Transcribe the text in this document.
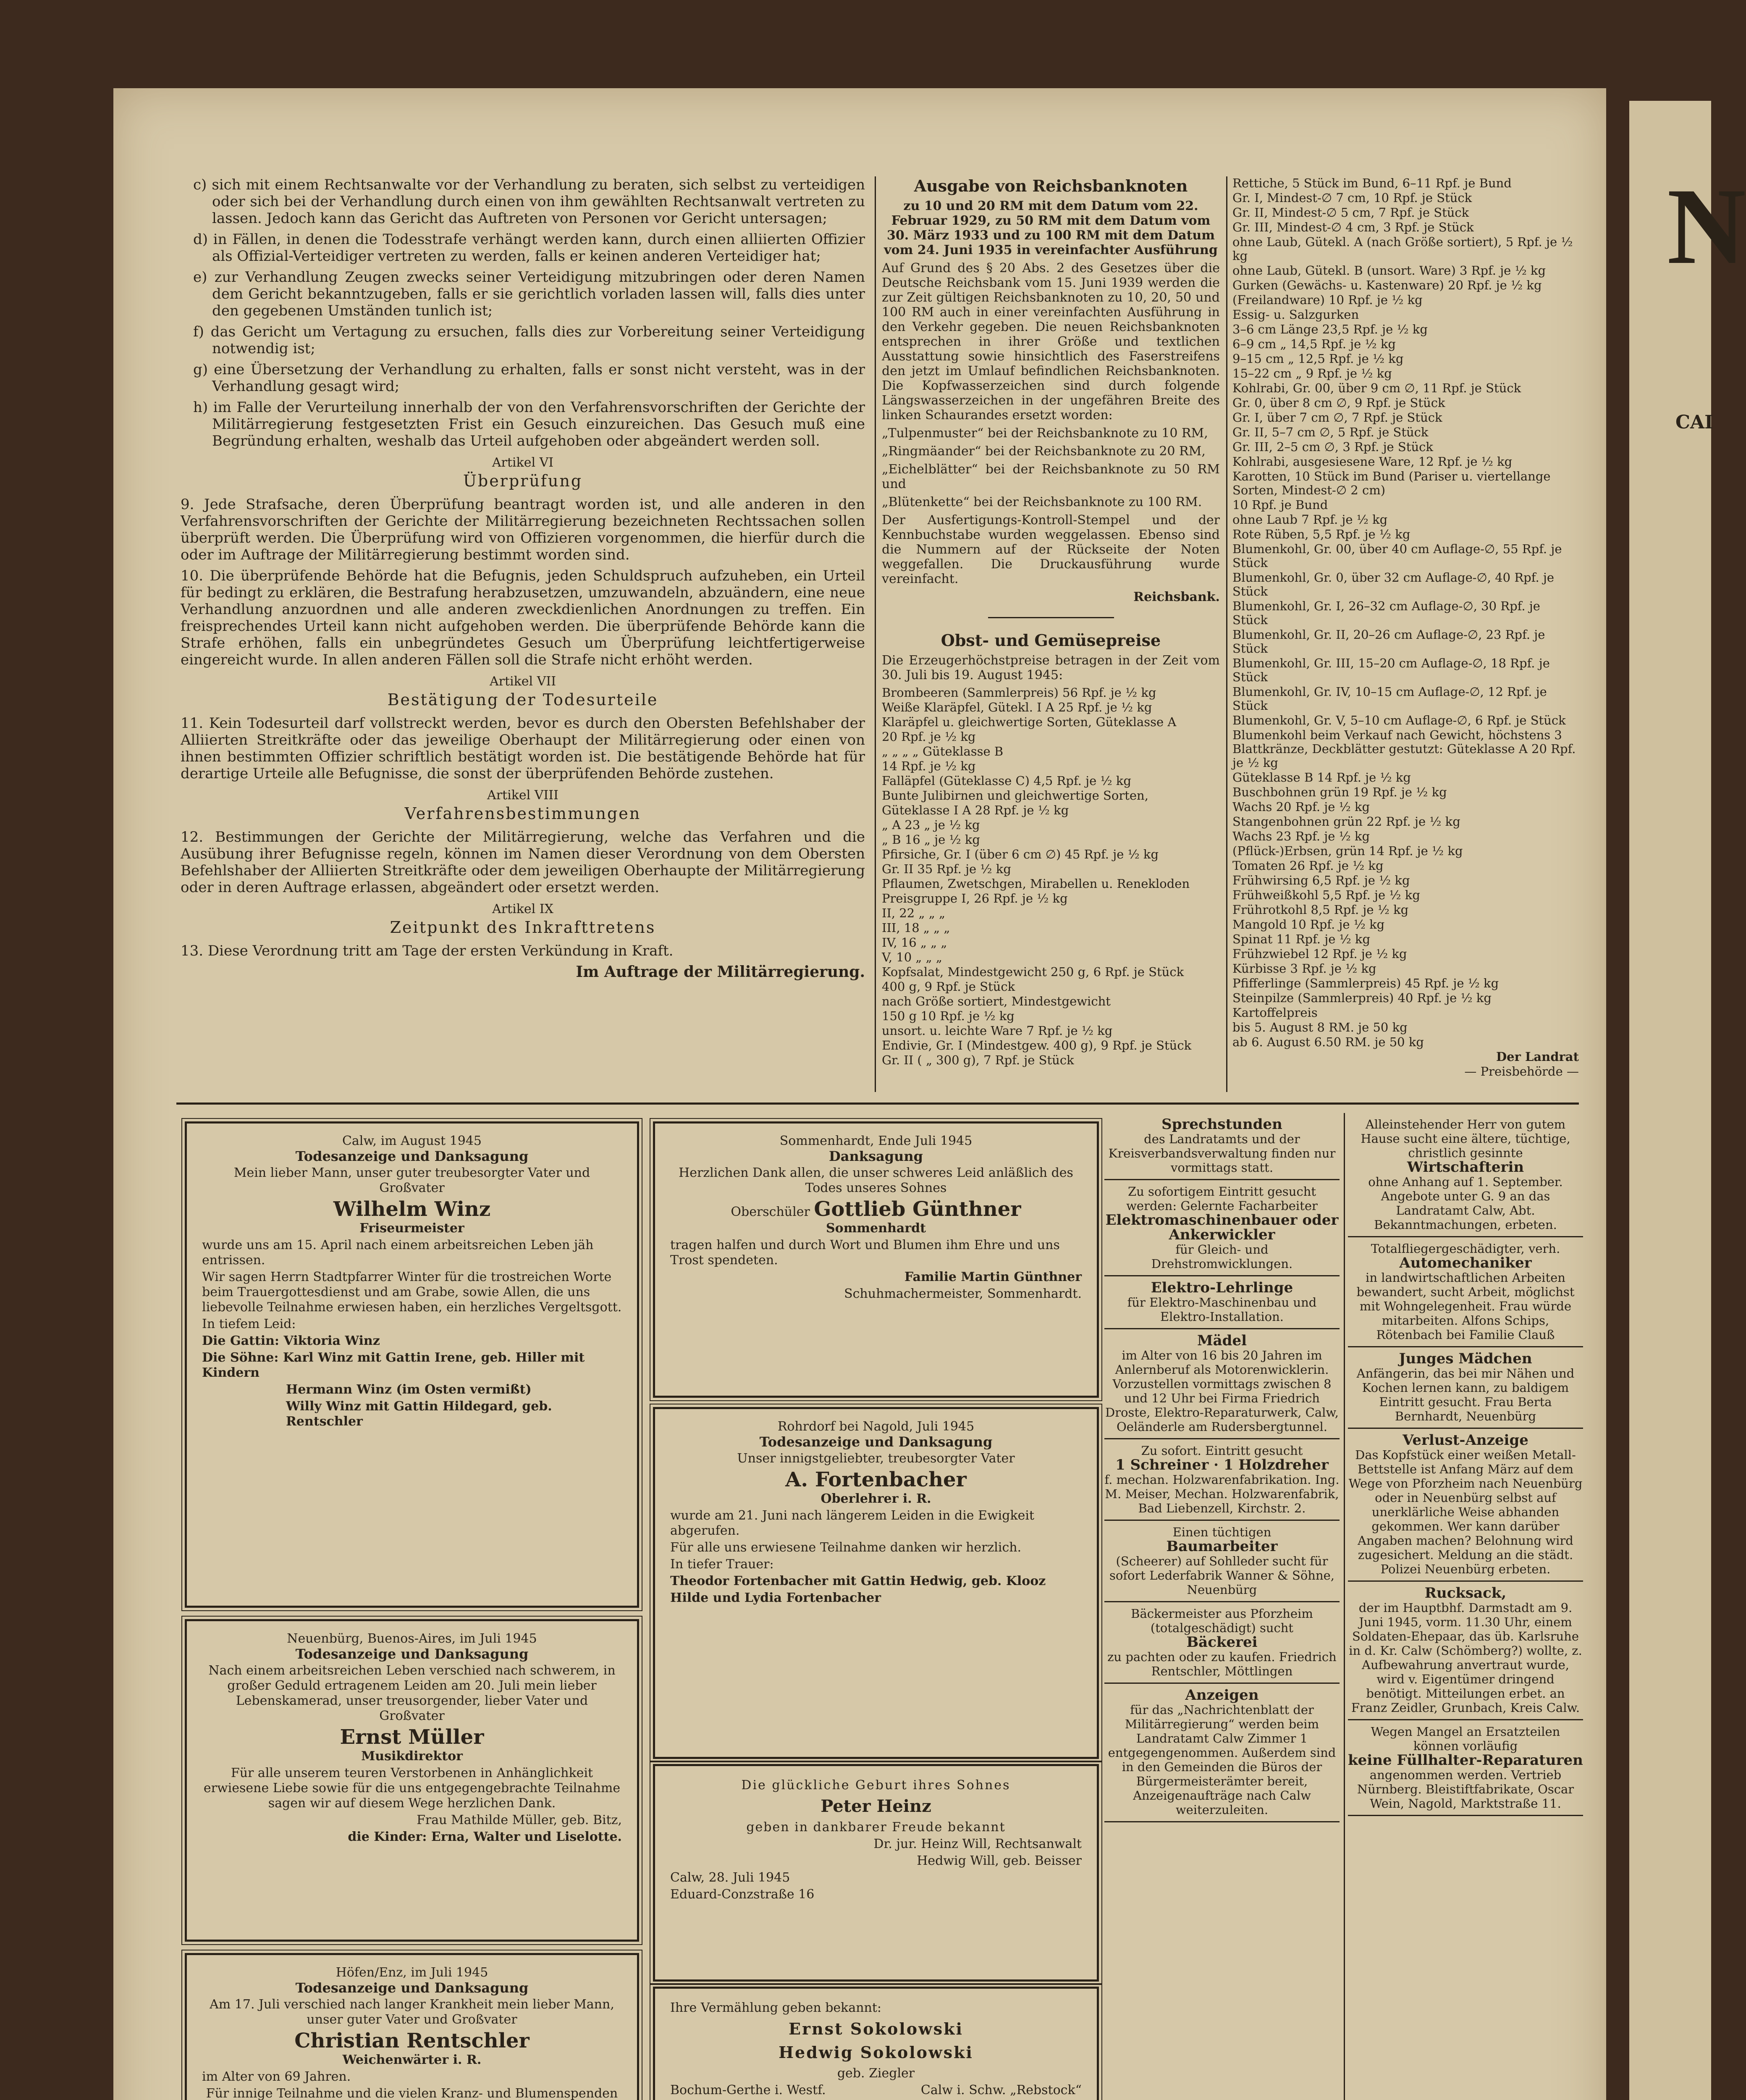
N
CAI

c) sich mit einem Rechtsanwalte vor der Verhandlung zu beraten, sich selbst zu verteidigen oder sich bei der Verhandlung durch einen von ihm gewählten Rechtsanwalt vertreten zu lassen. Jedoch kann das Gericht das Auftreten von Personen vor Gericht untersagen;

d) in Fällen, in denen die Todesstrafe verhängt werden kann, durch einen alliierten Offizier als Offizial-Verteidiger vertreten zu werden, falls er keinen anderen Verteidiger hat;

e) zur Verhandlung Zeugen zwecks seiner Verteidigung mitzubringen oder deren Namen dem Gericht bekanntzugeben, falls er sie gerichtlich vorladen lassen will, falls dies unter den gegebenen Umständen tunlich ist;

f) das Gericht um Vertagung zu ersuchen, falls dies zur Vorbereitung seiner Verteidigung notwendig ist;

g) eine Übersetzung der Verhandlung zu erhalten, falls er sonst nicht versteht, was in der Verhandlung gesagt wird;

h) im Falle der Verurteilung innerhalb der von den Verfahrensvorschriften der Gerichte der Militärregierung festgesetzten Frist ein Gesuch einzureichen. Das Gesuch muß eine Begründung erhalten, weshalb das Urteil aufgehoben oder abgeändert werden soll.

Artikel VI
Überprüfung

9. Jede Strafsache, deren Überprüfung beantragt worden ist, und alle anderen in den Verfahrensvorschriften der Gerichte der Militärregierung bezeichneten Rechtssachen sollen überprüft werden. Die Überprüfung wird von Offizieren vorgenommen, die hierfür durch die oder im Auftrage der Militärregierung bestimmt worden sind.

10. Die überprüfende Behörde hat die Befugnis, jeden Schuldspruch aufzuheben, ein Urteil für bedingt zu erklären, die Bestrafung herabzusetzen, umzuwandeln, abzuändern, eine neue Verhandlung anzuordnen und alle anderen zweckdienlichen Anordnungen zu treffen. Ein freisprechendes Urteil kann nicht aufgehoben werden. Die überprüfende Behörde kann die Strafe erhöhen, falls ein unbegründetes Gesuch um Überprüfung leichtfertigerweise eingereicht wurde. In allen anderen Fällen soll die Strafe nicht erhöht werden.

Artikel VII
Bestätigung der Todesurteile

11. Kein Todesurteil darf vollstreckt werden, bevor es durch den Obersten Befehlshaber der Alliierten Streitkräfte oder das jeweilige Oberhaupt der Militärregierung oder einen von ihnen bestimmten Offizier schriftlich bestätigt worden ist. Die bestätigende Behörde hat für derartige Urteile alle Befugnisse, die sonst der überprüfenden Behörde zustehen.

Artikel VIII
Verfahrensbestimmungen

12. Bestimmungen der Gerichte der Militärregierung, welche das Verfahren und die Ausübung ihrer Befugnisse regeln, können im Namen dieser Verordnung von dem Obersten Befehlshaber der Alliierten Streitkräfte oder dem jeweiligen Oberhaupte der Militärregierung oder in deren Auftrage erlassen, abgeändert oder ersetzt werden.

Artikel IX
Zeitpunkt des Inkrafttretens

13. Diese Verordnung tritt am Tage der ersten Verkündung in Kraft.

Im Auftrage der Militärregierung.

Ausgabe von Reichsbanknoten

zu 10 und 20 RM mit dem Datum vom 22. Februar 1929, zu 50 RM mit dem Datum vom 30. März 1933 und zu 100 RM mit dem Datum vom 24. Juni 1935 in vereinfachter Ausführung

Auf Grund des § 20 Abs. 2 des Gesetzes über die Deutsche Reichsbank vom 15. Juni 1939 werden die zur Zeit gültigen Reichsbanknoten zu 10, 20, 50 und 100 RM auch in einer vereinfachten Ausführung in den Verkehr gegeben. Die neuen Reichsbanknoten entsprechen in ihrer Größe und textlichen Ausstattung sowie hinsichtlich des Faserstreifens den jetzt im Umlauf befindlichen Reichsbanknoten. Die Kopfwasserzeichen sind durch folgende Längswasserzeichen in der ungefähren Breite des linken Schaurandes ersetzt worden:

„Tulpenmuster“ bei der Reichsbanknote zu 10 RM,

„Ringmäander“ bei der Reichsbanknote zu 20 RM,

„Eichelblätter“ bei der Reichsbanknote zu 50 RM und

„Blütenkette“ bei der Reichsbanknote zu 100 RM.

Der Ausfertigungs-Kontroll-Stempel und der Kennbuchstabe wurden weggelassen. Ebenso sind die Nummern auf der Rückseite der Noten weggefallen. Die Druckausführung wurde vereinfacht.

Reichsbank.

Obst- und Gemüsepreise

Die Erzeugerhöchstpreise betragen in der Zeit vom 30. Juli bis 19. August 1945:

Brombeeren (Sammlerpreis) 56 Rpf. je ½ kg
Weiße Klaräpfel, Gütekl. I A 25 Rpf. je ½ kg
Klaräpfel u. gleichwertige Sorten, Güteklasse A
20 Rpf. je ½ kg
„ „ „ „ Güteklasse B
14 Rpf. je ½ kg
Falläpfel (Güteklasse C) 4,5 Rpf. je ½ kg
Bunte Julibirnen und gleichwertige Sorten,
Güteklasse I A 28 Rpf. je ½ kg
„ A 23 „ je ½ kg
„ B 16 „ je ½ kg
Pfirsiche, Gr. I (über 6 cm ∅) 45 Rpf. je ½ kg
Gr. II 35 Rpf. je ½ kg
Pflaumen, Zwetschgen, Mirabellen u. Renekloden
Preisgruppe I, 26 Rpf. je ½ kg
II, 22 „ „ „
III, 18 „ „ „
IV, 16 „ „ „
V, 10 „ „ „
Kopfsalat, Mindestgewicht 250 g, 6 Rpf. je Stück
400 g, 9 Rpf. je Stück
nach Größe sortiert, Mindestgewicht
150 g 10 Rpf. je ½ kg
unsort. u. leichte Ware 7 Rpf. je ½ kg
Endivie, Gr. I (Mindestgew. 400 g), 9 Rpf. je Stück
Gr. II ( „ 300 g), 7 Rpf. je Stück
Rettiche, 5 Stück im Bund, 6–11 Rpf. je Bund
Gr. I, Mindest-∅ 7 cm, 10 Rpf. je Stück
Gr. II, Mindest-∅ 5 cm, 7 Rpf. je Stück
Gr. III, Mindest-∅ 4 cm, 3 Rpf. je Stück
ohne Laub, Gütekl. A (nach Größe sortiert), 5 Rpf. je ½ kg
ohne Laub, Gütekl. B (unsort. Ware) 3 Rpf. je ½ kg
Gurken (Gewächs- u. Kastenware) 20 Rpf. je ½ kg
(Freilandware) 10 Rpf. je ½ kg
Essig- u. Salzgurken
3–6 cm Länge 23,5 Rpf. je ½ kg
6–9 cm „ 14,5 Rpf. je ½ kg
9–15 cm „ 12,5 Rpf. je ½ kg
15–22 cm „ 9 Rpf. je ½ kg
Kohlrabi, Gr. 00, über 9 cm ∅, 11 Rpf. je Stück
Gr. 0, über 8 cm ∅, 9 Rpf. je Stück
Gr. I, über 7 cm ∅, 7 Rpf. je Stück
Gr. II, 5–7 cm ∅, 5 Rpf. je Stück
Gr. III, 2–5 cm ∅, 3 Rpf. je Stück
Kohlrabi, ausgesiesene Ware, 12 Rpf. je ½ kg
Karotten, 10 Stück im Bund (Pariser u. viertellange Sorten, Mindest-∅ 2 cm)
10 Rpf. je Bund
ohne Laub 7 Rpf. je ½ kg
Rote Rüben, 5,5 Rpf. je ½ kg
Blumenkohl, Gr. 00, über 40 cm Auflage-∅, 55 Rpf. je Stück
Blumenkohl, Gr. 0, über 32 cm Auflage-∅, 40 Rpf. je Stück
Blumenkohl, Gr. I, 26–32 cm Auflage-∅, 30 Rpf. je Stück
Blumenkohl, Gr. II, 20–26 cm Auflage-∅, 23 Rpf. je Stück
Blumenkohl, Gr. III, 15–20 cm Auflage-∅, 18 Rpf. je Stück
Blumenkohl, Gr. IV, 10–15 cm Auflage-∅, 12 Rpf. je Stück
Blumenkohl, Gr. V, 5–10 cm Auflage-∅, 6 Rpf. je Stück
Blumenkohl beim Verkauf nach Gewicht, höchstens 3 Blattkränze, Deckblätter gestutzt: Güteklasse A 20 Rpf. je ½ kg
Güteklasse B 14 Rpf. je ½ kg
Buschbohnen grün 19 Rpf. je ½ kg
Wachs 20 Rpf. je ½ kg
Stangenbohnen grün 22 Rpf. je ½ kg
Wachs 23 Rpf. je ½ kg
(Pflück-)Erbsen, grün 14 Rpf. je ½ kg
Tomaten 26 Rpf. je ½ kg
Frühwirsing 6,5 Rpf. je ½ kg
Frühweißkohl 5,5 Rpf. je ½ kg
Frührotkohl 8,5 Rpf. je ½ kg
Mangold 10 Rpf. je ½ kg
Spinat 11 Rpf. je ½ kg
Frühzwiebel 12 Rpf. je ½ kg
Kürbisse 3 Rpf. je ½ kg
Pfifferlinge (Sammlerpreis) 45 Rpf. je ½ kg
Steinpilze (Sammlerpreis) 40 Rpf. je ½ kg
Kartoffelpreis
bis 5. August 8 RM. je 50 kg
ab 6. August 6.50 RM. je 50 kg
Der Landrat
— Preisbehörde —
Calw, im August 1945
Todesanzeige und Danksagung

Mein lieber Mann, unser guter treubesorgter Vater und Großvater

Wilhelm Winz
Friseurmeister

wurde uns am 15. April nach einem arbeitsreichen Leben jäh entrissen.

Wir sagen Herrn Stadtpfarrer Winter für die trostreichen Worte beim Trauergottesdienst und am Grabe, sowie Allen, die uns liebevolle Teilnahme erwiesen haben, ein herzliches Vergeltsgott.

In tiefem Leid:

Die Gattin: Viktoria Winz

Die Söhne: Karl Winz mit Gattin Irene, geb. Hiller mit Kindern

Hermann Winz (im Osten vermißt)

Willy Winz mit Gattin Hildegard, geb. Rentschler

Neuenbürg, Buenos-Aires, im Juli 1945
Todesanzeige und Danksagung

Nach einem arbeitsreichen Leben verschied nach schwerem, in großer Geduld ertragenem Leiden am 20. Juli mein lieber Lebenskamerad, unser treusorgender, lieber Vater und Großvater

Ernst Müller
Musikdirektor

Für alle unserem teuren Verstorbenen in Anhänglichkeit erwiesene Liebe sowie für die uns entgegengebrachte Teilnahme sagen wir auf diesem Wege herzlichen Dank.

Frau Mathilde Müller, geb. Bitz,

die Kinder: Erna, Walter und Liselotte.

Höfen/Enz, im Juli 1945
Todesanzeige und Danksagung

Am 17. Juli verschied nach langer Krankheit mein lieber Mann, unser guter Vater und Großvater

Christian Rentschler
Weichenwärter i. R.

im Alter von 69 Jahren.

Für innige Teilnahme und die vielen Kranz- und Blumenspenden

Sommenhardt, Ende Juli 1945
Danksagung

Herzlichen Dank allen, die unser schweres Leid anläßlich des Todes unseres Sohnes

Oberschüler Gottlieb Günthner
Sommenhardt

tragen halfen und durch Wort und Blumen ihm Ehre und uns Trost spendeten.

Familie Martin Günthner

Schuhmachermeister, Sommenhardt.

Rohrdorf bei Nagold, Juli 1945
Todesanzeige und Danksagung

Unser innigstgeliebter, treubesorgter Vater

A. Fortenbacher
Oberlehrer i. R.

wurde am 21. Juni nach längerem Leiden in die Ewigkeit abgerufen.

Für alle uns erwiesene Teilnahme danken wir herzlich.

In tiefer Trauer:

Theodor Fortenbacher mit Gattin Hedwig, geb. Klooz

Hilde und Lydia Fortenbacher

Die glückliche Geburt ihres Sohnes

Peter Heinz

geben in dankbarer Freude bekannt

Dr. jur. Heinz Will, Rechtsanwalt

Hedwig Will, geb. Beisser

Calw, 28. Juli 1945

Eduard-Conzstraße 16

Ihre Vermählung geben bekannt:

Ernst Sokolowski
Hedwig Sokolowski

geb. Ziegler

Bochum-Gerthe i. Westf.	Calw i. Schw. „Rebstock“

Sprechstunden

des Landratamts und der Kreisverbandsverwaltung finden nur vormittags statt.
Zu sofortigem Eintritt gesucht werden: Gelernte Facharbeiter
Elektromaschinenbauer oder Ankerwickler

für Gleich- und Drehstromwicklungen.
Elektro-Lehrlinge

für Elektro-Maschinenbau und Elektro-Installation.
Mädel

im Alter von 16 bis 20 Jahren im Anlernberuf als Motorenwicklerin. Vorzustellen vormittags zwischen 8 und 12 Uhr bei Firma Friedrich Droste, Elektro-Reparaturwerk, Calw, Oeländerle am Rudersbergtunnel.
Zu sofort. Eintritt gesucht
1 Schreiner · 1 Holzdreher

f. mechan. Holzwarenfabrikation. Ing. M. Meiser, Mechan. Holzwarenfabrik, Bad Liebenzell, Kirchstr. 2.
Einen tüchtigen
Baumarbeiter

(Scheerer) auf Sohlleder sucht für sofort Lederfabrik Wanner & Söhne, Neuenbürg
Bäckermeister aus Pforzheim (totalgeschädigt) sucht
Bäckerei

zu pachten oder zu kaufen. Friedrich Rentschler, Möttlingen
Anzeigen

für das „Nachrichtenblatt der Militärregierung“ werden beim Landratamt Calw Zimmer 1 entgegengenommen. Außerdem sind in den Gemeinden die Büros der Bürgermeisterämter bereit, Anzeigenaufträge nach Calw weiterzuleiten.
Alleinstehender Herr von gutem Hause sucht eine ältere, tüchtige, christlich gesinnte
Wirtschafterin

ohne Anhang auf 1. September. Angebote unter G. 9 an das Landratamt Calw, Abt. Bekanntmachungen, erbeten.
Totalfliegergeschädigter, verh.
Automechaniker

in landwirtschaftlichen Arbeiten bewandert, sucht Arbeit, möglichst mit Wohngelegenheit. Frau würde mitarbeiten. Alfons Schips, Rötenbach bei Familie Clauß
Junges Mädchen

Anfängerin, das bei mir Nähen und Kochen lernen kann, zu baldigem Eintritt gesucht. Frau Berta Bernhardt, Neuenbürg
Verlust-Anzeige

Das Kopfstück einer weißen Metall-Bettstelle ist Anfang März auf dem Wege von Pforzheim nach Neuenbürg oder in Neuenbürg selbst auf unerklärliche Weise abhanden gekommen. Wer kann darüber Angaben machen? Belohnung wird zugesichert. Meldung an die städt. Polizei Neuenbürg erbeten.
Rucksack,

der im Hauptbhf. Darmstadt am 9. Juni 1945, vorm. 11.30 Uhr, einem Soldaten-Ehepaar, das üb. Karlsruhe in d. Kr. Calw (Schömberg?) wollte, z. Aufbewahrung anvertraut wurde, wird v. Eigentümer dringend benötigt. Mitteilungen erbet. an Franz Zeidler, Grunbach, Kreis Calw.
Wegen Mangel an Ersatzteilen können vorläufig
keine Füllhalter-Reparaturen

angenommen werden. Vertrieb Nürnberg. Bleistiftfabrikate, Oscar Wein, Nagold, Marktstraße 11.
